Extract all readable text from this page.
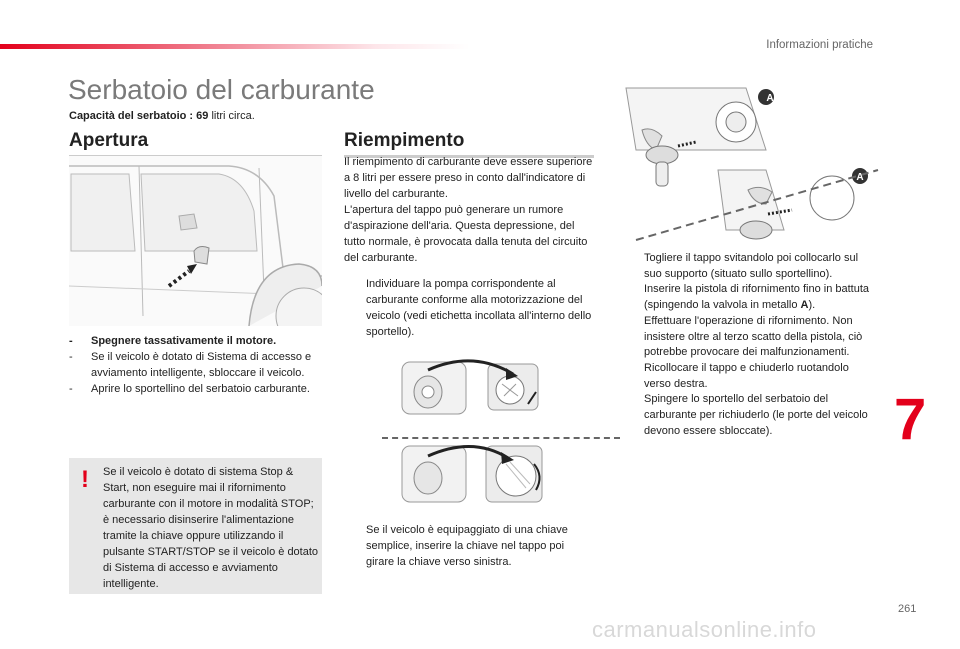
Informazioni pratiche
Serbatoio del carburante
Capacità del serbatoio : 69 litri circa.
Apertura
- Spegnere tassativamente il motore.
- Se il veicolo è dotato di Sistema di accesso e avviamento intelligente, sbloccare il veicolo.
- Aprire lo sportellino del serbatoio carburante.
! Se il veicolo è dotato di sistema Stop & Start, non eseguire mai il rifornimento carburante con il motore in modalità STOP; è necessario disinserire l'alimentazione tramite la chiave oppure utilizzando il pulsante START/STOP se il veicolo è dotato di Sistema di accesso e avviamento intelligente.
Riempimento
Il riempimento di carburante deve essere superiore a 8 litri per essere preso in conto dall'indicatore di livello del carburante.
L'apertura del tappo può generare un rumore d'aspirazione dell'aria. Questa depressione, del tutto normale, è provocata dalla tenuta del circuito del carburante.
Individuare la pompa corrispondente al carburante conforme alla motorizzazione del veicolo (vedi etichetta incollata all'interno dello sportello).
Se il veicolo è equipaggiato di una chiave semplice, inserire la chiave nel tappo poi girare la chiave verso sinistra.
A
A
Togliere il tappo svitandolo poi collocarlo sul suo supporto (situato sullo sportellino).
Inserire la pistola di rifornimento fino in battuta (spingendo la valvola in metallo A).
Effettuare l'operazione di rifornimento. Non insistere oltre al terzo scatto della pistola, ciò potrebbe provocare dei malfunzionamenti.
Ricollocare il tappo e chiuderlo ruotandolo verso destra.
Spingere lo sportello del serbatoio del carburante per richiuderlo (le porte del veicolo devono essere sbloccate).	7
261
carmanualsonline.info
